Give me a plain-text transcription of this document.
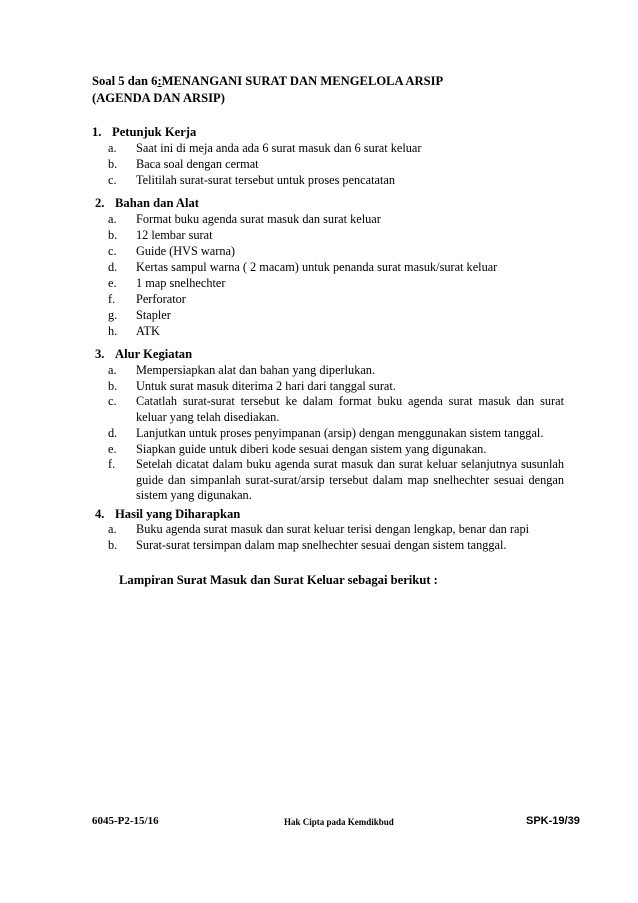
Soal 5 dan 6:MENANGANI SURAT DAN MENGELOLA ARSIP
(AGENDA DAN ARSIP)
1. Petunjuk Kerja
a. Saat ini di meja anda ada 6 surat masuk dan 6 surat keluar
b. Baca soal dengan cermat
c. Telitilah surat-surat tersebut untuk proses pencatatan
2. Bahan dan Alat
a. Format buku agenda surat masuk dan surat keluar
b. 12 lembar surat
c. Guide (HVS warna)
d. Kertas sampul warna ( 2 macam) untuk penanda surat masuk/surat keluar
e. 1 map snelhechter
f. Perforator
g. Stapler
h. ATK
3. Alur Kegiatan
a. Mempersiapkan alat dan bahan yang diperlukan.
b. Untuk surat masuk diterima 2 hari dari tanggal surat.
c. Catatlah surat-surat tersebut ke dalam format buku agenda surat masuk dan surat keluar yang telah disediakan.
d. Lanjutkan untuk proses penyimpanan (arsip) dengan menggunakan sistem tanggal.
e. Siapkan guide untuk diberi kode sesuai dengan sistem yang digunakan.
f. Setelah dicatat dalam buku agenda surat masuk dan surat keluar selanjutnya susunlah guide dan simpanlah surat-surat/arsip tersebut dalam map snelhechter sesuai dengan sistem yang digunakan.
4. Hasil yang Diharapkan
a. Buku agenda surat masuk dan surat keluar terisi dengan lengkap, benar dan rapi
b. Surat-surat tersimpan dalam map snelhechter sesuai dengan sistem tanggal.
Lampiran Surat Masuk dan Surat Keluar sebagai berikut :
6045-P2-15/16	Hak Cipta pada Kemdikbud	SPK-19/39
